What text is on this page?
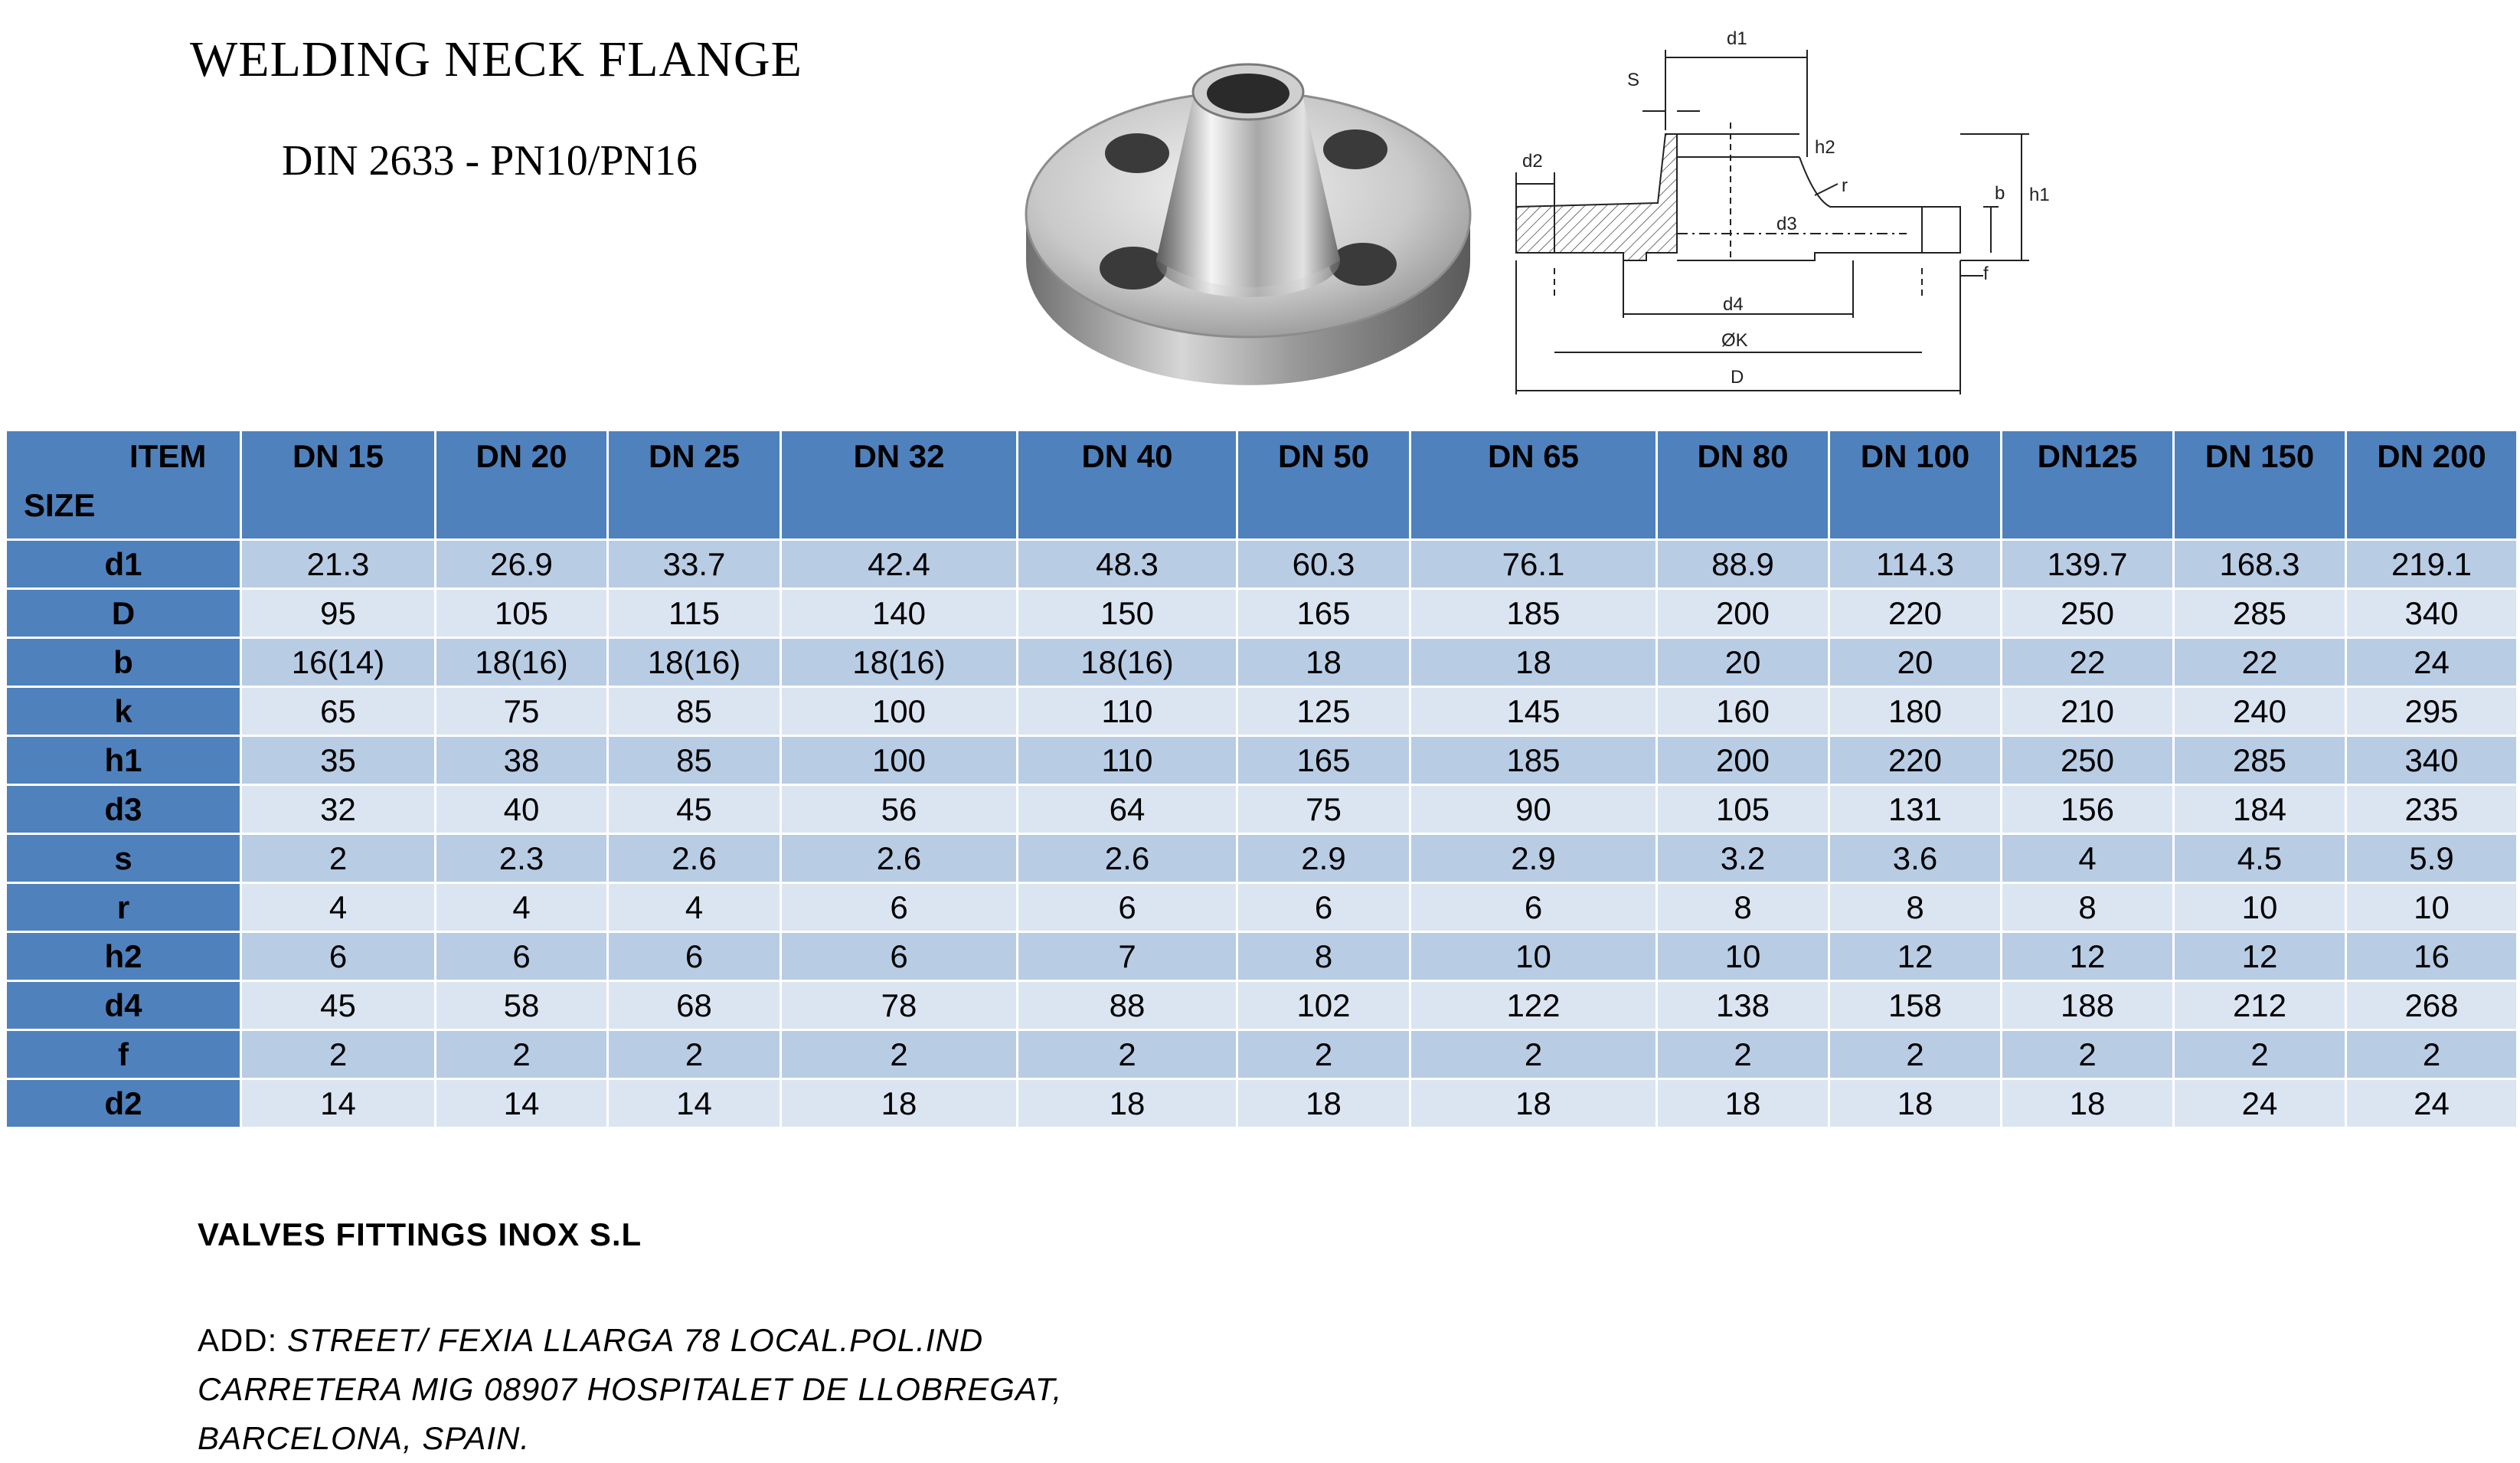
WELDING NECK FLANGE
DIN 2633 - PN10/PN16
d1
S
h2
r
d2
d3
b h1
f
d4
ØK
D
ITEM
SIZE	DN 15	DN 20	DN 25	DN 32	DN 40	DN 50	DN 65	DN 80	DN 100	DN125	DN 150	DN 200
d1	21.3	26.9	33.7	42.4	48.3	60.3	76.1	88.9	114.3	139.7	168.3	219.1
D	95	105	115	140	150	165	185	200	220	250	285	340
b	16(14)	18(16)	18(16)	18(16)	18(16)	18	18	20	20	22	22	24
k	65	75	85	100	110	125	145	160	180	210	240	295
h1	35	38	85	100	110	165	185	200	220	250	285	340
d3	32	40	45	56	64	75	90	105	131	156	184	235
s	2	2.3	2.6	2.6	2.6	2.9	2.9	3.2	3.6	4	4.5	5.9
r	4	4	4	6	6	6	6	8	8	8	10	10
h2	6	6	6	6	7	8	10	10	12	12	12	16
d4	45	58	68	78	88	102	122	138	158	188	212	268
f	2	2	2	2	2	2	2	2	2	2	2	2
d2	14	14	14	18	18	18	18	18	18	18	24	24

VALVES FITTINGS INOX S.L

ADD: STREET/ FEXIA LLARGA 78 LOCAL.POL.IND
CARRETERA MIG 08907 HOSPITALET DE LLOBREGAT,
BARCELONA, SPAIN.
